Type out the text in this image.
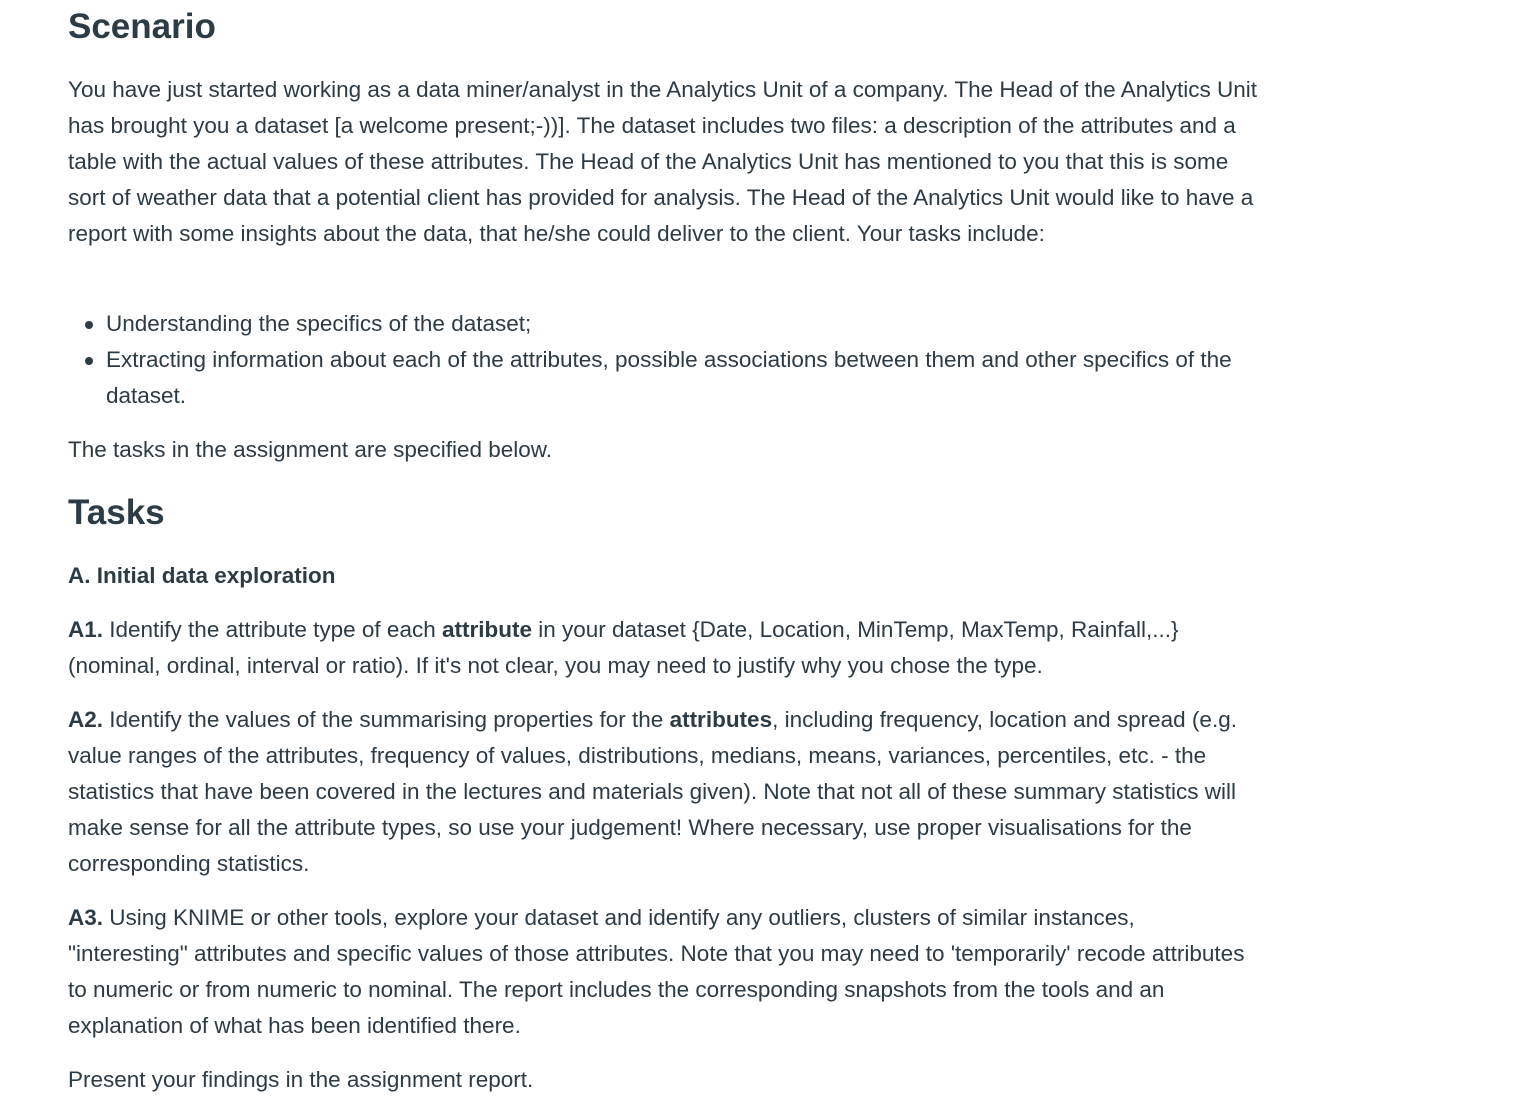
Scenario

You have just started working as a data miner/analyst in the Analytics Unit of a company. The Head of the Analytics Unit has brought you a dataset [a welcome present;-))]. The dataset includes two files: a description of the attributes and a table with the actual values of these attributes. The Head of the Analytics Unit has mentioned to you that this is some sort of weather data that a potential client has provided for analysis. The Head of the Analytics Unit would like to have a report with some insights about the data, that he/she could deliver to the client. Your tasks include:

Understanding the specifics of the dataset;
Extracting information about each of the attributes, possible associations between them and other specifics of the dataset.

The tasks in the assignment are specified below.

Tasks

A. Initial data exploration

A1. Identify the attribute type of each attribute in your dataset {Date, Location, MinTemp, MaxTemp, Rainfall,...} (nominal, ordinal, interval or ratio). If it's not clear, you may need to justify why you chose the type.

A2. Identify the values of the summarising properties for the attributes, including frequency, location and spread (e.g. value ranges of the attributes, frequency of values, distributions, medians, means, variances, percentiles, etc. - the statistics that have been covered in the lectures and materials given). Note that not all of these summary statistics will make sense for all the attribute types, so use your judgement! Where necessary, use proper visualisations for the corresponding statistics.

A3. Using KNIME or other tools, explore your dataset and identify any outliers, clusters of similar instances, "interesting" attributes and specific values of those attributes. Note that you may need to 'temporarily' recode attributes to numeric or from numeric to nominal. The report includes the corresponding snapshots from the tools and an explanation of what has been identified there.

Present your findings in the assignment report.
